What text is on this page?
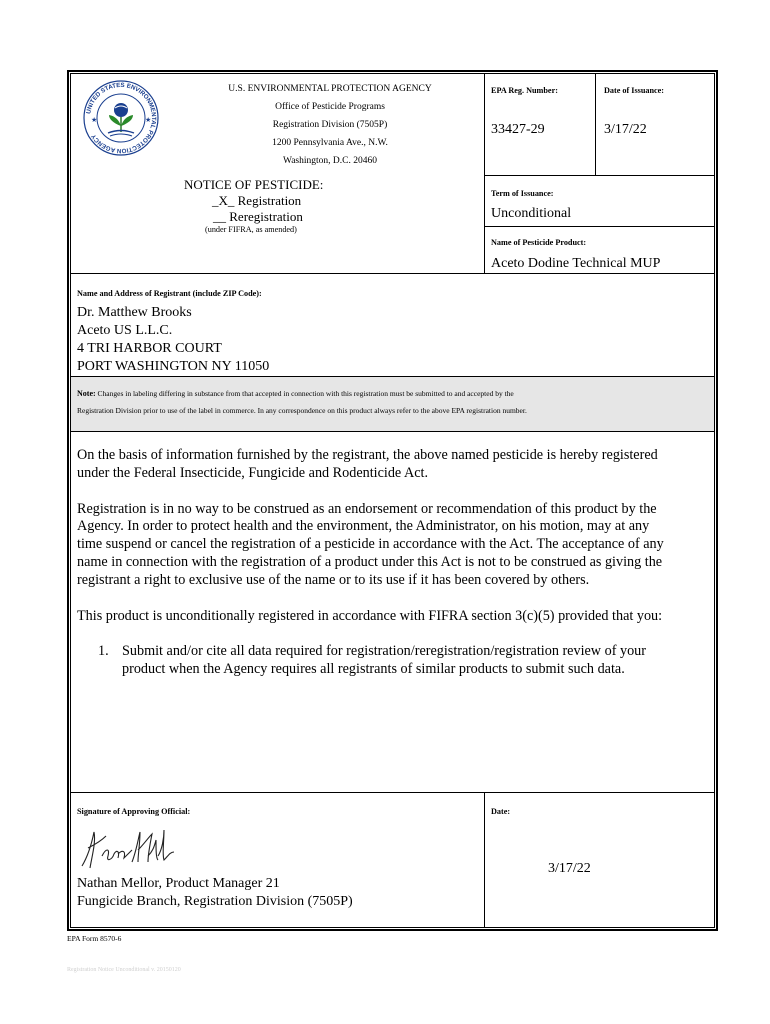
UNITED STATES ENVIRONMENTAL PROTECTION AGENCY
★	★
U.S. ENVIRONMENTAL PROTECTION AGENCY
Office of Pesticide Programs
Registration Division (7505P)
1200 Pennsylvania Ave., N.W.
Washington, D.C. 20460
NOTICE OF PESTICIDE:
_X_ Registration
__ Reregistration
(under FIFRA, as amended)
EPA Reg. Number:
33427-29
Date of Issuance:
3/17/22
Term of Issuance:
Unconditional
Name of Pesticide Product:
Aceto Dodine Technical MUP
Name and Address of Registrant (include ZIP Code):
Dr. Matthew Brooks
Aceto US L.L.C.
4 TRI HARBOR COURT
PORT WASHINGTON NY 11050
Note: Changes in labeling differing in substance from that accepted in connection with this registration must be submitted to and accepted by the
Registration Division prior to use of the label in commerce. In any correspondence on this product always refer to the above EPA registration number.
On the basis of information furnished by the registrant, the above named pesticide is hereby registered
under the Federal Insecticide, Fungicide and Rodenticide Act.
Registration is in no way to be construed as an endorsement or recommendation of this product by the
Agency. In order to protect health and the environment, the Administrator, on his motion, may at any
time suspend or cancel the registration of a pesticide in accordance with the Act. The acceptance of any
name in connection with the registration of a product under this Act is not to be construed as giving the
registrant a right to exclusive use of the name or to its use if it has been covered by others.
This product is unconditionally registered in accordance with FIFRA section 3(c)(5) provided that you:
1. Submit and/or cite all data required for registration/reregistration/registration review of your
product when the Agency requires all registrants of similar products to submit such data.
Signature of Approving Official:
Nathan Mellor, Product Manager 21
Fungicide Branch, Registration Division (7505P)
Date:
3/17/22
EPA Form 8570-6
Registration Notice Unconditional v. 20150120
